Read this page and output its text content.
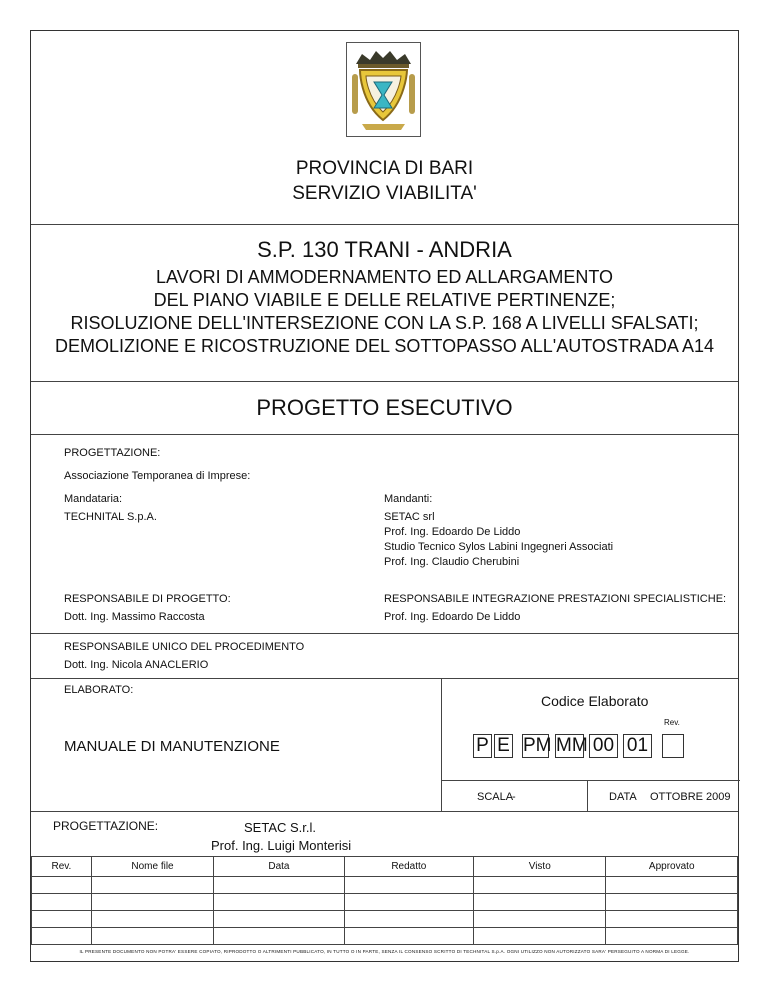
PROVINCIA DI BARI
SERVIZIO VIABILITA'
S.P. 130 TRANI - ANDRIA
LAVORI DI AMMODERNAMENTO ED ALLARGAMENTO
DEL PIANO VIABILE E DELLE RELATIVE PERTINENZE;
RISOLUZIONE DELL'INTERSEZIONE CON LA S.P. 168 A LIVELLI SFALSATI;
DEMOLIZIONE E RICOSTRUZIONE DEL SOTTOPASSO ALL'AUTOSTRADA A14
PROGETTO ESECUTIVO
PROGETTAZIONE:
Associazione Temporanea di Imprese:
Mandataria:
TECHNITAL S.p.A.
Mandanti:
SETAC srl
Prof. Ing. Edoardo De Liddo
Studio Tecnico Sylos Labini Ingegneri Associati
Prof. Ing. Claudio Cherubini
RESPONSABILE DI PROGETTO:
Dott. Ing. Massimo Raccosta
RESPONSABILE INTEGRAZIONE PRESTAZIONI SPECIALISTICHE:
Prof. Ing. Edoardo De Liddo
RESPONSABILE UNICO DEL PROCEDIMENTO
Dott. Ing. Nicola ANACLERIO
ELABORATO:
MANUALE DI MANUTENZIONE
Codice Elaborato
Rev.
P E PM MM 00 01
SCALA
-	DATA OTTOBRE 2009
PROGETTAZIONE:	SETAC S.r.l.
Prof. Ing. Luigi Monterisi
Rev.	Nome file	Data	Redatto	Visto	Approvato

IL PRESENTE DOCUMENTO NON POTRA' ESSERE COPIATO, RIPRODOTTO O ALTRIMENTI PUBBLICATO, IN TUTTO O IN PARTE, SENZA IL CONSENSO SCRITTO DI TECHNITAL S.p.A. OGNI UTILIZZO NON AUTORIZZATO SARA' PERSEGUITO A NORMA DI LEGGE.
